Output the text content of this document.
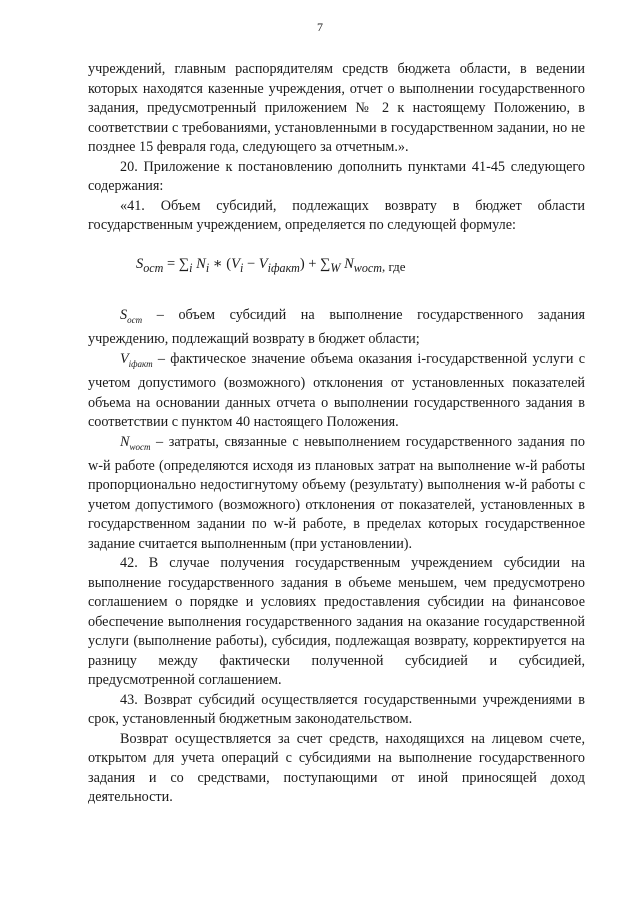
7

учреждений, главным распорядителям средств бюджета области, в ведении которых находятся казенные учреждения, отчет о выполнении государственного задания, предусмотренный приложением № 2 к настоящему Положению, в соответствии с требованиями, установленными в государственном задании, но не позднее 15 февраля года, следующего за отчетным.».

20. Приложение к постановлению дополнить пунктами 41-45 следующего содержания:

«41. Объем субсидий, подлежащих возврату в бюджет области государственным учреждением, определяется по следующей формуле:

$S_{ост} = \sum_i$ $N_i$ ∗ $(V_i - V_{iфакт}) + \sum_W$ $N_{wост}$, где

$S_{ост}$ – объем субсидий на выполнение государственного задания учреждению, подлежащий возврату в бюджет области;

$V_{iфакт}$ – фактическое значение объема оказания i-государственной услуги с учетом допустимого (возможного) отклонения от установленных показателей объема на основании данных отчета о выполнении государственного задания в соответствии с пунктом 40 настоящего Положения.

$N_{wост}$ – затраты, связанные с невыполнением государственного задания по w-й работе (определяются исходя из плановых затрат на выполнение w-й работы пропорционально недостигнутому объему (результату) выполнения w-й работы с учетом допустимого (возможного) отклонения от показателей, установленных в государственном задании по w-й работе, в пределах которых государственное задание считается выполненным (при установлении).

42. В случае получения государственным учреждением субсидии на выполнение государственного задания в объеме меньшем, чем предусмотрено соглашением о порядке и условиях предоставления субсидии на финансовое обеспечение выполнения государственного задания на оказание государственной услуги (выполнение работы), субсидия, подлежащая возврату, корректируется на разницу между фактически полученной субсидией и субсидией, предусмотренной соглашением.

43. Возврат субсидий осуществляется государственными учреждениями в срок, установленный бюджетным законодательством.

Возврат осуществляется за счет средств, находящихся на лицевом счете, открытом для учета операций с субсидиями на выполнение государственного задания и со средствами, поступающими от иной приносящей доход деятельности.
